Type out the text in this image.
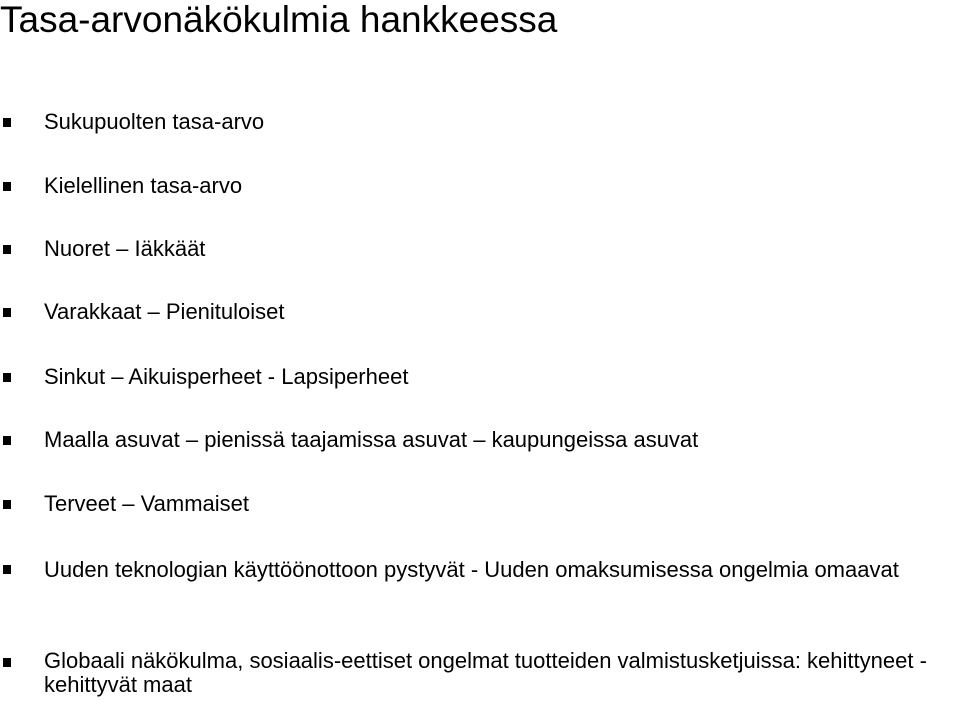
Tasa-arvonäkökulmia hankkeessa
Sukupuolten tasa-arvo
Kielellinen tasa-arvo
Nuoret – Iäkkäät
Varakkaat – Pienituloiset
Sinkut – Aikuisperheet - Lapsiperheet
Maalla asuvat – pienissä taajamissa asuvat – kaupungeissa asuvat
Terveet – Vammaiset
Uuden teknologian käyttöönottoon pystyvät - Uuden omaksumisessa ongelmia omaavat
Globaali näkökulma, sosiaalis-eettiset ongelmat tuotteiden valmistusketjuissa: kehittyneet - kehittyvät maat
